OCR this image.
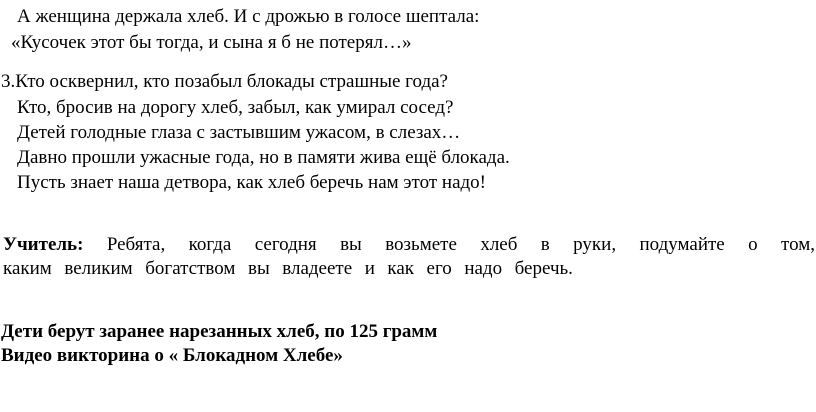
А женщина держала хлеб. И с дрожью в голосе шептала:
«Кусочек этот бы тогда, и сына я б не потерял…»
3.Кто осквернил, кто позабыл блокады страшные года?
Кто, бросив на дорогу хлеб, забыл, как умирал сосед?
Детей голодные глаза с застывшим ужасом, в слезах…
Давно прошли ужасные года, но в памяти жива ещё блокада.
Пусть знает наша детвора, как хлеб беречь нам этот надо!
Учитель: Ребята, когда сегодня вы возьмете хлеб в руки, подумайте о том,
каким великим богатством вы владеете и как его надо беречь.
Дети берут заранее нарезанных хлеб, по 125 грамм
Видео викторина о « Блокадном Хлебе»
